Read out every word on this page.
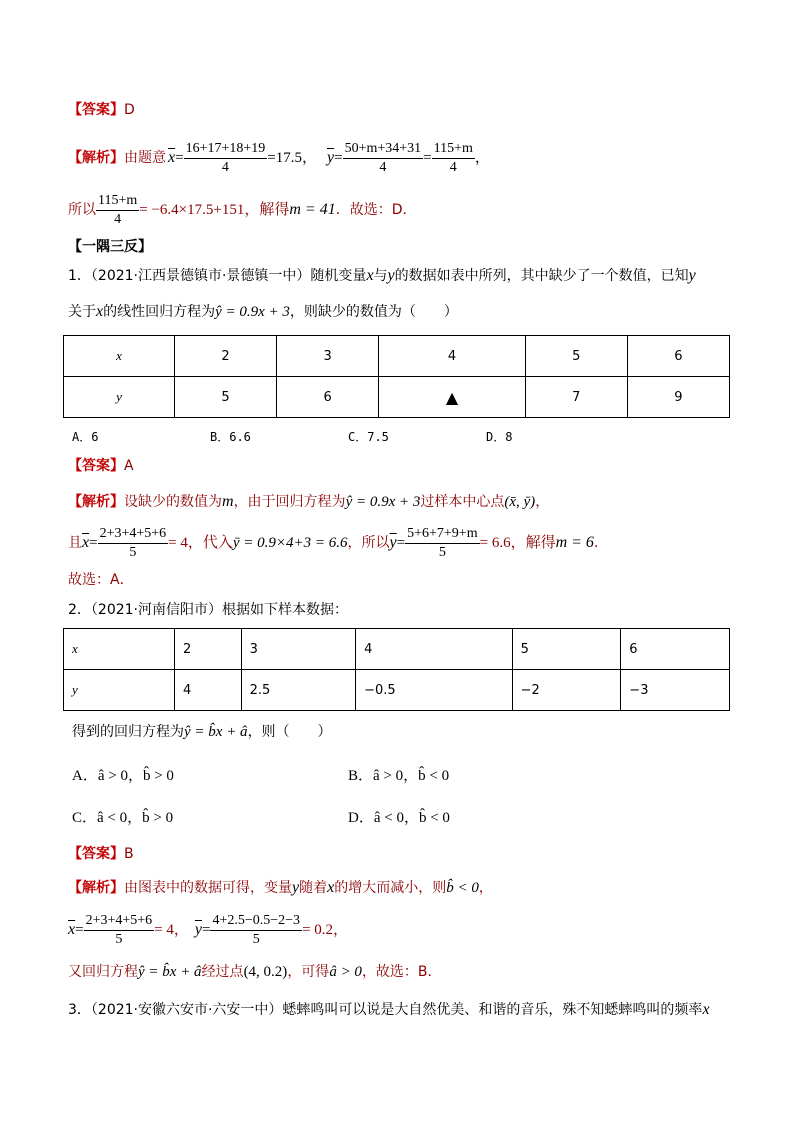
【答案】D
【解析】 由题意 $\overline{x} = \frac{16+17+18+19}{4} =17.5$， $\overline{y} = \frac{50+m+34+31}{4} = \frac{115+m}{4}$ ，
所以 $\frac{115+m}{4} = -6.4\times 17.5+151$，解得 m = 41 ．故选：D．
【一隅三反】
1．（2021·江西景德镇市·景德镇一中）随机变量x与y的数据如表中所列，其中缺少了一个数值，已知y
关于x的线性回归方程为ŷ = 0.9x + 3，则缺少的数值为（　　）
x	2	3	4	5	6
y	5	6	▲	7	9
A．6	B．6.6	C．7.5	D．8
【答案】A
【解析】设缺少的数值为m，由于回归方程为ŷ = 0.9x + 3过样本中心点(x̄, ȳ)，
且 $\overline{x} = \frac{2+3+4+5+6}{5} = 4$，代入 ȳ = 0.9×4+3 = 6.6 ，所以 $\overline{y} = \frac{5+6+7+9+m}{5} = 6.6$，解得 m = 6 ．
故选：A．
2．（2021·河南信阳市）根据如下样本数据：
x	2	3	4	5	6
y	4	2.5	−0.5	−2	−3
得到的回归方程为ŷ = b̂x + â，则（　　）
A．â > 0，b̂ > 0	B．â > 0，b̂ < 0
C．â < 0，b̂ > 0	D．â < 0，b̂ < 0
【答案】B
【解析】由图表中的数据可得，变量y随着x的增大而减小，则b̂ < 0，
$\overline{x} = \frac{2+3+4+5+6}{5} = 4$， $\overline{y} = \frac{4+2.5-0.5-2-3}{5} = 0.2$，
又回归方程ŷ = b̂x + â经过点(4, 0.2)，可得â > 0，故选：B．
3．（2021·安徽六安市·六安一中）蟋蟀鸣叫可以说是大自然优美、和谐的音乐，殊不知蟋蟀鸣叫的频率x
